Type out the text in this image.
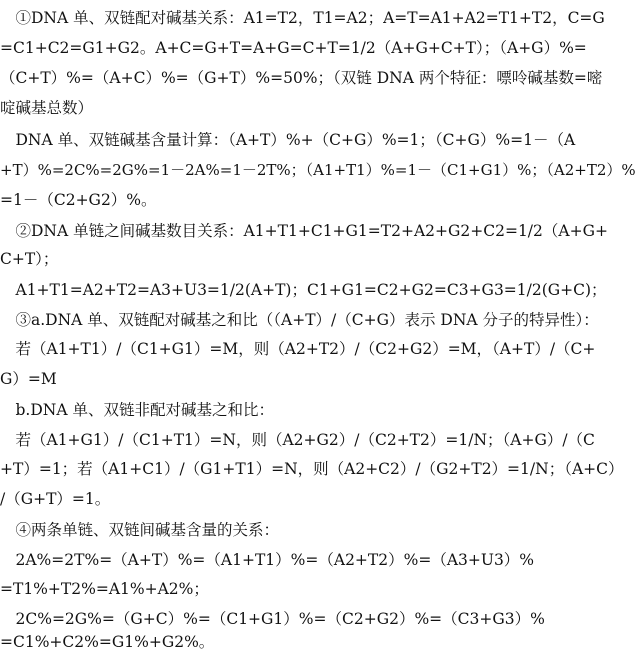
　①DNA 单、双链配对碱基关系：A1=T2，T1=A2；A=T=A1+A2=T1+T2，C=G
=C1+C2=G1+G2。A+C=G+T=A+G=C+T=1/2（A+G+C+T）；（A+G）%=
（C+T）%=（A+C）%=（G+T）%=50%；（双链 DNA 两个特征：嘌呤碱基数=嘧
啶碱基总数）
　DNA 单、双链碱基含量计算：（A+T）%+（C+G）%=1；（C+G）%=1－（A
+T）%=2C%=2G%=1－2A%=1－2T%；（A1+T1）%=1－（C1+G1）%；（A2+T2）%
=1－（C2+G2）%。
　②DNA 单链之间碱基数目关系：A1+T1+C1+G1=T2+A2+G2+C2=1/2（A+G+
C+T）；
　A1+T1=A2+T2=A3+U3=1/2(A+T)；C1+G1=C2+G2=C3+G3=1/2(G+C)；
　③a.DNA 单、双链配对碱基之和比（（A+T）/（C+G）表示 DNA 分子的特异性）：
　若（A1+T1）/（C1+G1）=M，则（A2+T2）/（C2+G2）=M，（A+T）/（C+
G）=M
　b.DNA 单、双链非配对碱基之和比：
　若（A1+G1）/（C1+T1）=N，则（A2+G2）/（C2+T2）=1/N；（A+G）/（C
+T）=1；若（A1+C1）/（G1+T1）=N，则（A2+C2）/（G2+T2）=1/N；（A+C）
/（G+T）=1。
　④两条单链、双链间碱基含量的关系：
　2A%=2T%=（A+T）%=（A1+T1）%=（A2+T2）%=（A3+U3）%
=T1%+T2%=A1%+A2%；
　2C%=2G%=（G+C）%=（C1+G1）%=（C2+G2）%=（C3+G3）%
=C1%+C2%=G1%+G2%。
